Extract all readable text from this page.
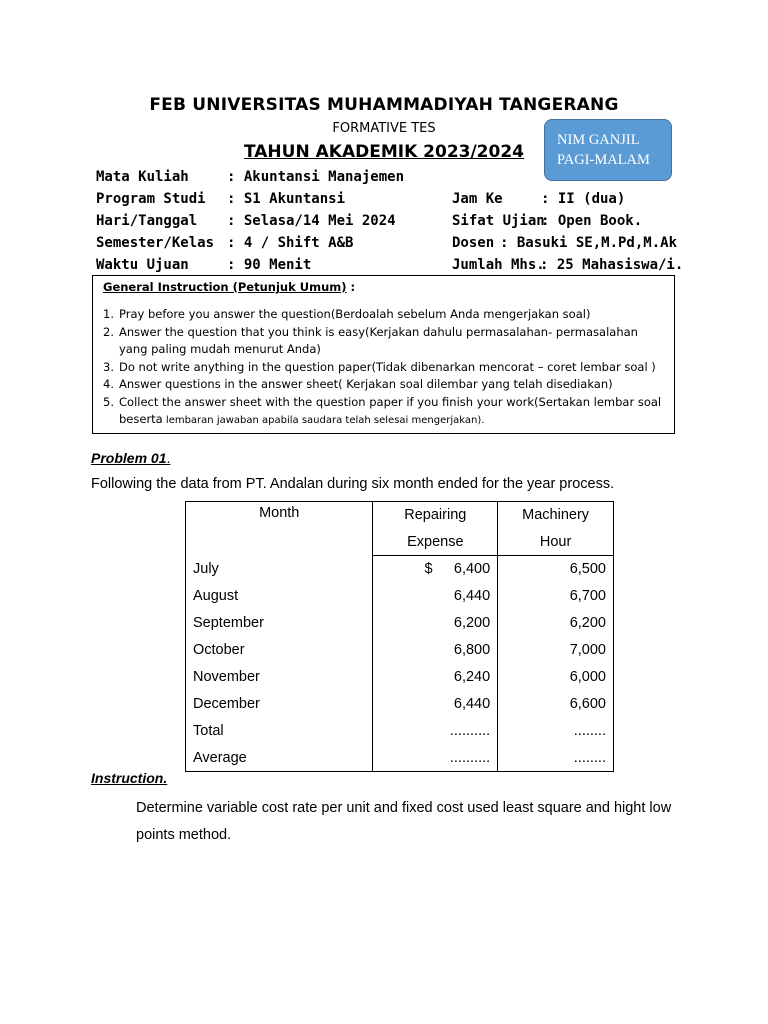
FEB UNIVERSITAS MUHAMMADIYAH TANGERANG
FORMATIVE TES
TAHUN AKADEMIK 2023/2024
NIM GANJIL
PAGI-MALAM
Mata Kuliah	: Akuntansi Manajemen
Program Studi : S1 Akuntansi
Hari/Tanggal : Selasa/14 Mei 2024
Semester/Kelas : 4 / Shift A&B
Waktu Ujuan	: 90 Menit
Jam Ke	: II (dua)
Sifat Ujian
: Open Book.
Dosen : Basuki SE,M.Pd,M.Ak
Jumlah Mhs.
: 25 Mahasiswa/i.
General Instruction (Petunjuk Umum) :
1. Pray before you answer the question(Berdoalah sebelum Anda mengerjakan soal)
2. Answer the question that you think is easy(Kerjakan dahulu permasalahan- permasalahan yang paling mudah menurut Anda)
3. Do not write anything in the question paper(Tidak dibenarkan mencorat – coret lembar soal )
4. Answer questions in the answer sheet( Kerjakan soal dilembar yang telah disediakan)
5. Collect the answer sheet with the question paper if you finish your work(Sertakan lembar soal beserta lembaran jawaban apabila saudara telah selesai mengerjakan).
Problem 01.
Following the data from PT. Andalan during six month ended for the year process.
Month	Repairing	Machinery
	Expense	Hour
July	$ 6,400	6,500
August	6,440	6,700
September	6,200	6,200
October	6,800	7,000
November	6,240	6,000
December	6,440	6,600
Total	..........	........
Average	..........	........
Instruction.
Determine variable cost rate per unit and fixed cost used least square and hight low points method.
